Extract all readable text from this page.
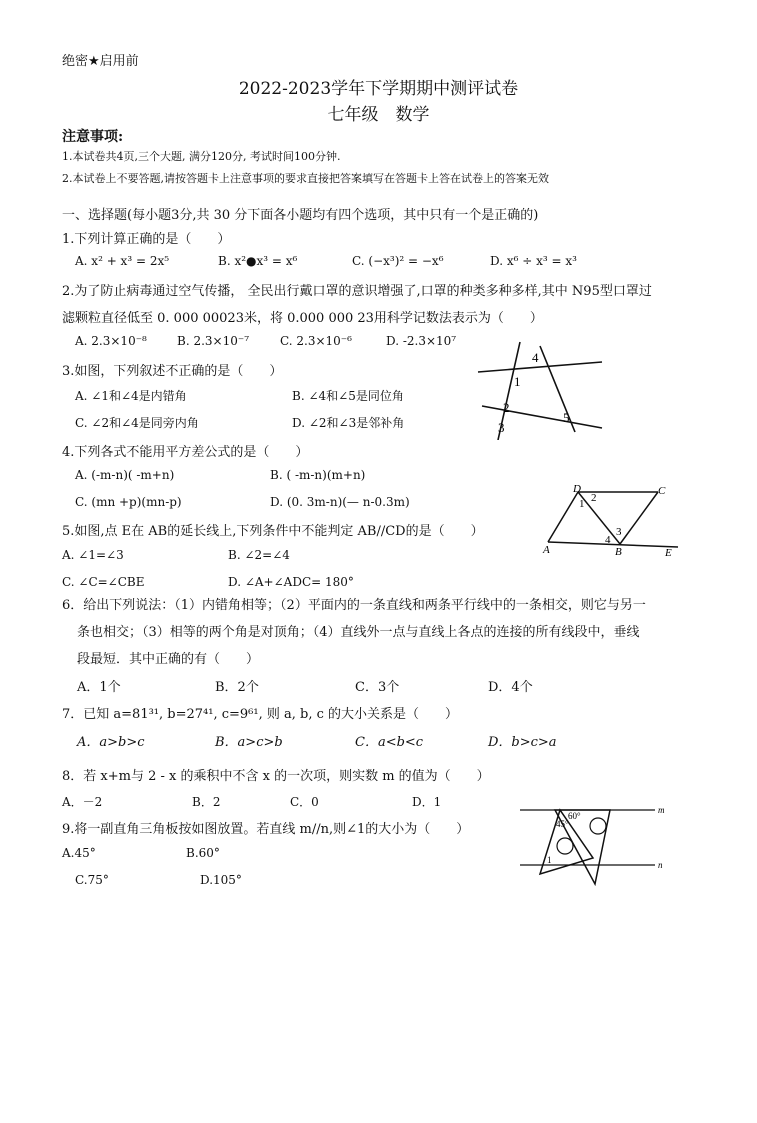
绝密★启用前
2022-2023学年下学期期中测评试卷
七年级　数学
注意事项:
1.本试卷共4页,三个大题, 满分120分, 考试时间100分钟.
2.本试卷上不要答题,请按答题卡上注意事项的要求直接把答案填写在答题卡上答在试卷上的答案无效
一、选择题(每小题3分,共 30 分下面各小题均有四个选项，其中只有一个是正确的)
1.下列计算正确的是（　　）
A. x² + x³ = 2x⁵	B. x²●x³ = x⁶	C. (−x³)² = −x⁶	D. x⁶ ÷ x³ = x³
2.为了防止病毒通过空气传播， 全民出行戴口罩的意识增强了,口罩的种类多种多样,其中 N95型口罩过
滤颗粒直径低至 0. 000 00023米，将 0.000 000 23用科学记数法表示为（　　）
A. 2.3×10⁻⁸	B. 2.3×10⁻⁷	C. 2.3×10⁻⁶	D. -2.3×10⁷
3.如图，下列叙述不正确的是（　　）
A. ∠1和∠4是内错角	B. ∠4和∠5是同位角
C. ∠2和∠4是同旁内角	D. ∠2和∠3是邻补角
1
2
3
4
5
4.下列各式不能用平方差公式的是（　　）
A. (-m-n)( -m+n)	B. ( -m-n)(m+n)
C. (mn +p)(mn-p)	D. (0. 3m-n)(— n-0.3m)
5.如图,点 E在 AB的延长线上,下列条件中不能判定 AB//CD的是（　　）
A. ∠1=∠3	B. ∠2=∠4
C. ∠C=∠CBE	D. ∠A+∠ADC= 180°
D	C
A	B	E
1 2
3
4
6．给出下列说法：（1）内错角相等；（2）平面内的一条直线和两条平行线中的一条相交，则它与另一
条也相交；（3）相等的两个角是对顶角；（4）直线外一点与直线上各点的连接的所有线段中，垂线
段最短．其中正确的有（　　）
A．1个	B．2个	C．3个	D．4个
7．已知 a=81³¹, b=27⁴¹, c=9⁶¹, 则 a, b, c 的大小关系是（　　）
A．a>b>c	B．a>c>b	C．a<b<c	D．b>c>a
8．若 x+m与 2 - x 的乘积中不含 x 的一次项，则实数 m 的值为（　　）
A．－2	B．2	C．0	D．1
9.将一副直角三角板按如图放置。若直线 m//n,则∠1的大小为（　　）
A.45°	B.60°
C.75°	D.105°
60°
45°
1
m
n
